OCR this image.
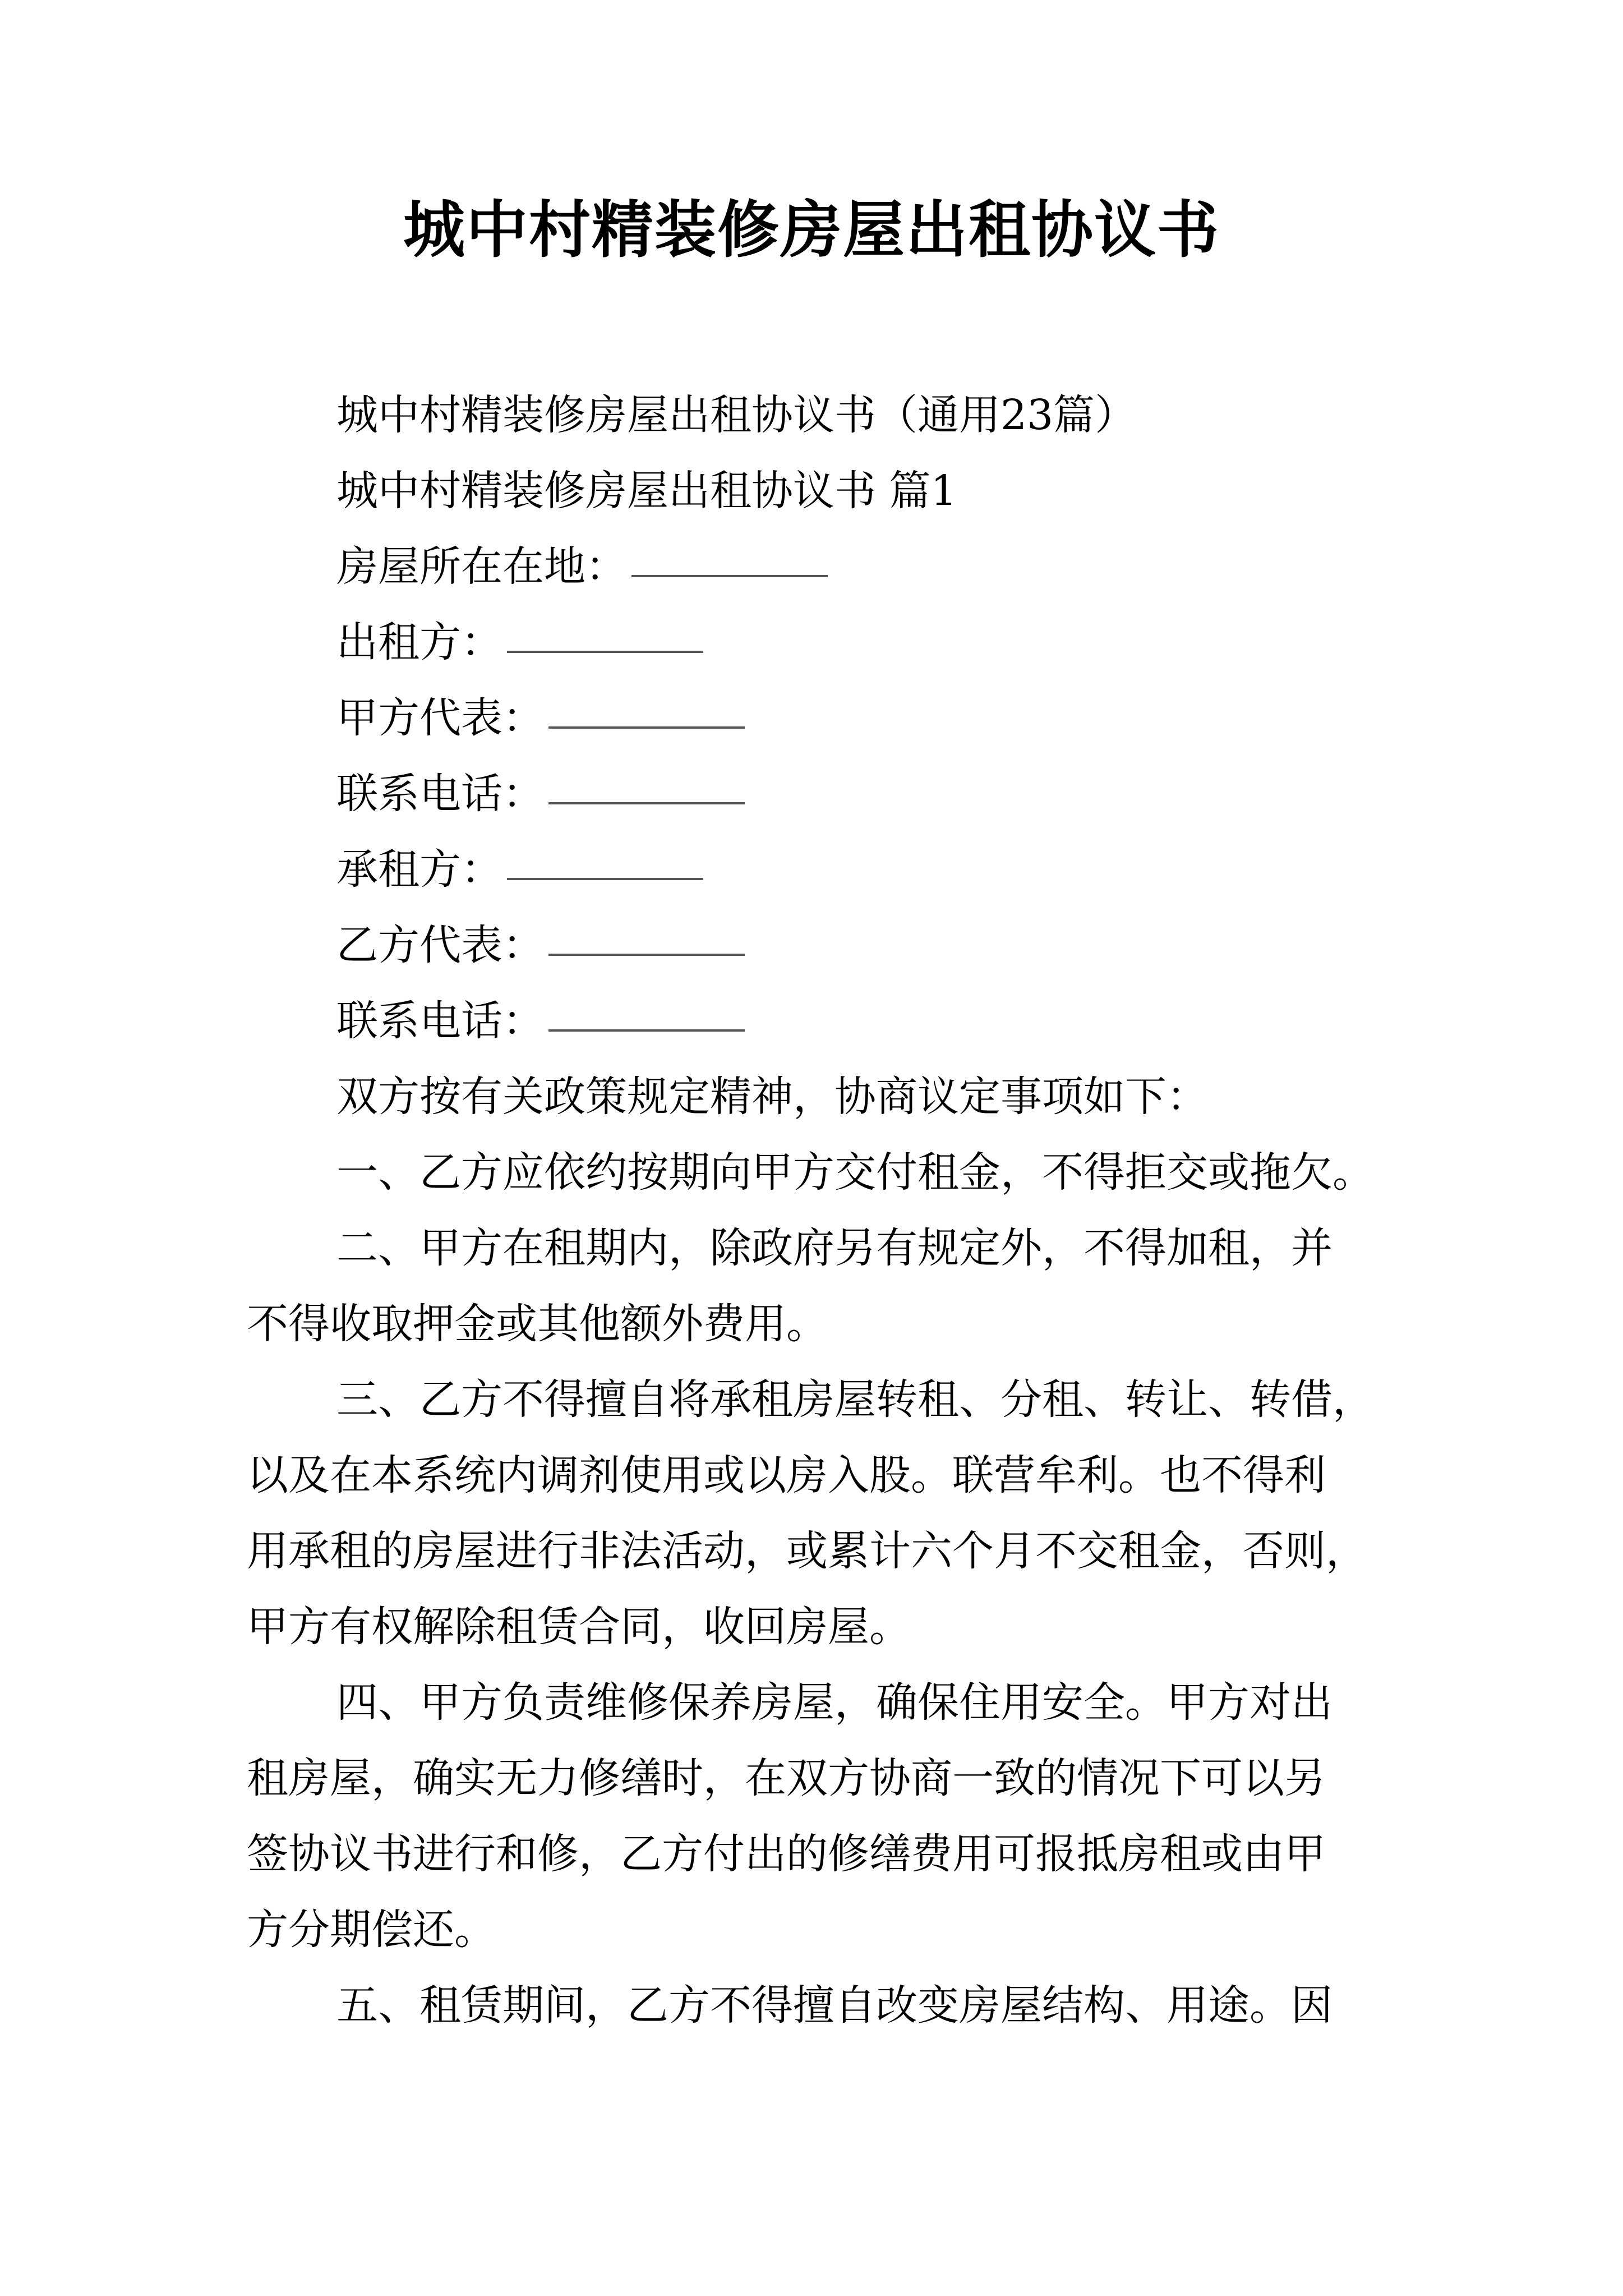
城中村精装修房屋出租协议书
城中村精装修房屋出租协议书（通用23篇）
城中村精装修房屋出租协议书 篇1
房屋所在在地：
出租方：
甲方代表：
联系电话：
承租方：
乙方代表：
联系电话：
双方按有关政策规定精神，协商议定事项如下：
一、乙方应依约按期向甲方交付租金，不得拒交或拖欠。
二、甲方在租期内，除政府另有规定外，不得加租，并
不得收取押金或其他额外费用。
三、乙方不得擅自将承租房屋转租、分租、转让、转借，
以及在本系统内调剂使用或以房入股。联营牟利。也不得利
用承租的房屋进行非法活动，或累计六个月不交租金，否则，
甲方有权解除租赁合同，收回房屋。
四、甲方负责维修保养房屋，确保住用安全。甲方对出
租房屋，确实无力修缮时，在双方协商一致的情况下可以另
签协议书进行和修，乙方付出的修缮费用可报抵房租或由甲
方分期偿还。
五、租赁期间，乙方不得擅自改变房屋结构、用途。因
